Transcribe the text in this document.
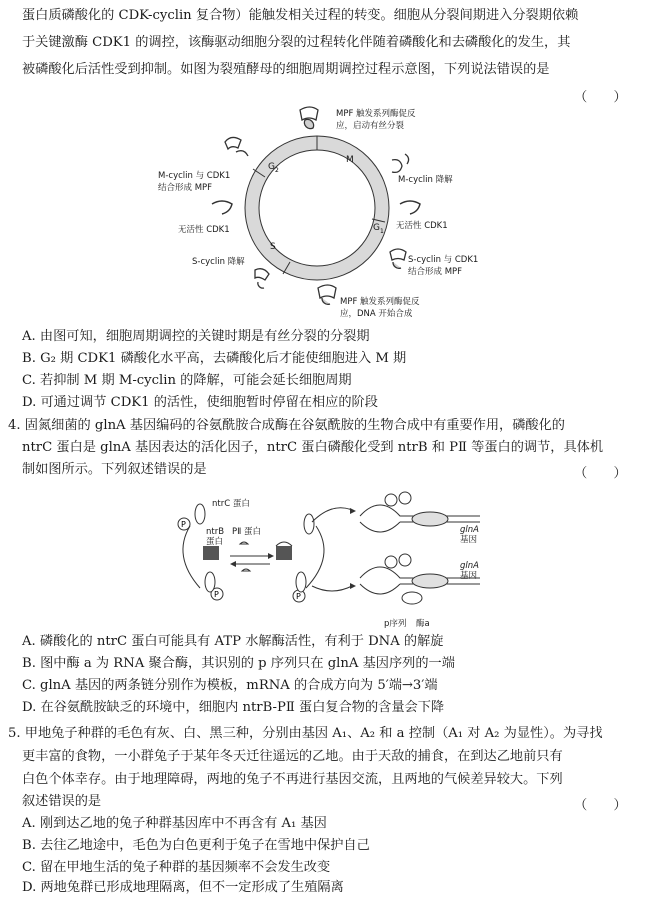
蛋白质磷酸化的 CDK-cyclin 复合物）能触发相关过程的转变。细胞从分裂间期进入分裂期依赖
于关键激酶 CDK1 的调控，该酶驱动细胞分裂的过程转化伴随着磷酸化和去磷酸化的发生，其
被磷酸化后活性受到抑制。如图为裂殖酵母的细胞周期调控过程示意图，下列说法错误的是
（　　）
G 2
M
G 1
S
MPF 触发系列酶促反
应，启动有丝分裂
M-cyclin 与 CDK1
结合形成 MPF
M-cyclin 降解
无活性 CDK1	无活性 CDK1
S-cyclin 降解	S-cyclin 与 CDK1
结合形成 MPF
MPF 触发系列酶促反
应，DNA 开始合成
A. 由图可知，细胞周期调控的关键时期是有丝分裂的分裂期
B. G₂ 期 CDK1 磷酸化水平高，去磷酸化后才能使细胞进入 M 期
C. 若抑制 M 期 M-cyclin 的降解，可能会延长细胞周期
D. 可通过调节 CDK1 的活性，使细胞暂时停留在相应的阶段
4. 固氮细菌的 glnA 基因编码的谷氨酰胺合成酶在谷氨酰胺的生物合成中有重要作用，磷酸化的
ntrC 蛋白是 glnA 基因表达的活化因子，ntrC 蛋白磷酸化受到 ntrB 和 PⅡ 等蛋白的调节，具体机
制如图所示。下列叙述错误的是	（　　）
P
P	P
ntrC 蛋白
PⅡ 蛋白
ntrB
蛋白
glnA
基因
glnA
基因
p序列 酶a
A. 磷酸化的 ntrC 蛋白可能具有 ATP 水解酶活性，有利于 DNA 的解旋
B. 图中酶 a 为 RNA 聚合酶，其识别的 p 序列只在 glnA 基因序列的一端
C. glnA 基因的两条链分别作为模板，mRNA 的合成方向为 5′端→3′端
D. 在谷氨酰胺缺乏的环境中，细胞内 ntrB-PⅡ 蛋白复合物的含量会下降
5. 甲地兔子种群的毛色有灰、白、黑三种，分别由基因 A₁、A₂ 和 a 控制（A₁ 对 A₂ 为显性）。为寻找
更丰富的食物，一小群兔子于某年冬天迁往遥远的乙地。由于天敌的捕食，在到达乙地前只有
白色个体幸存。由于地理障碍，两地的兔子不再进行基因交流，且两地的气候差异较大。下列
叙述错误的是	（　　）
A. 刚到达乙地的兔子种群基因库中不再含有 A₁ 基因
B. 去往乙地途中，毛色为白色更利于兔子在雪地中保护自己
C. 留在甲地生活的兔子种群的基因频率不会发生改变
D. 两地兔群已形成地理隔离，但不一定形成了生殖隔离
